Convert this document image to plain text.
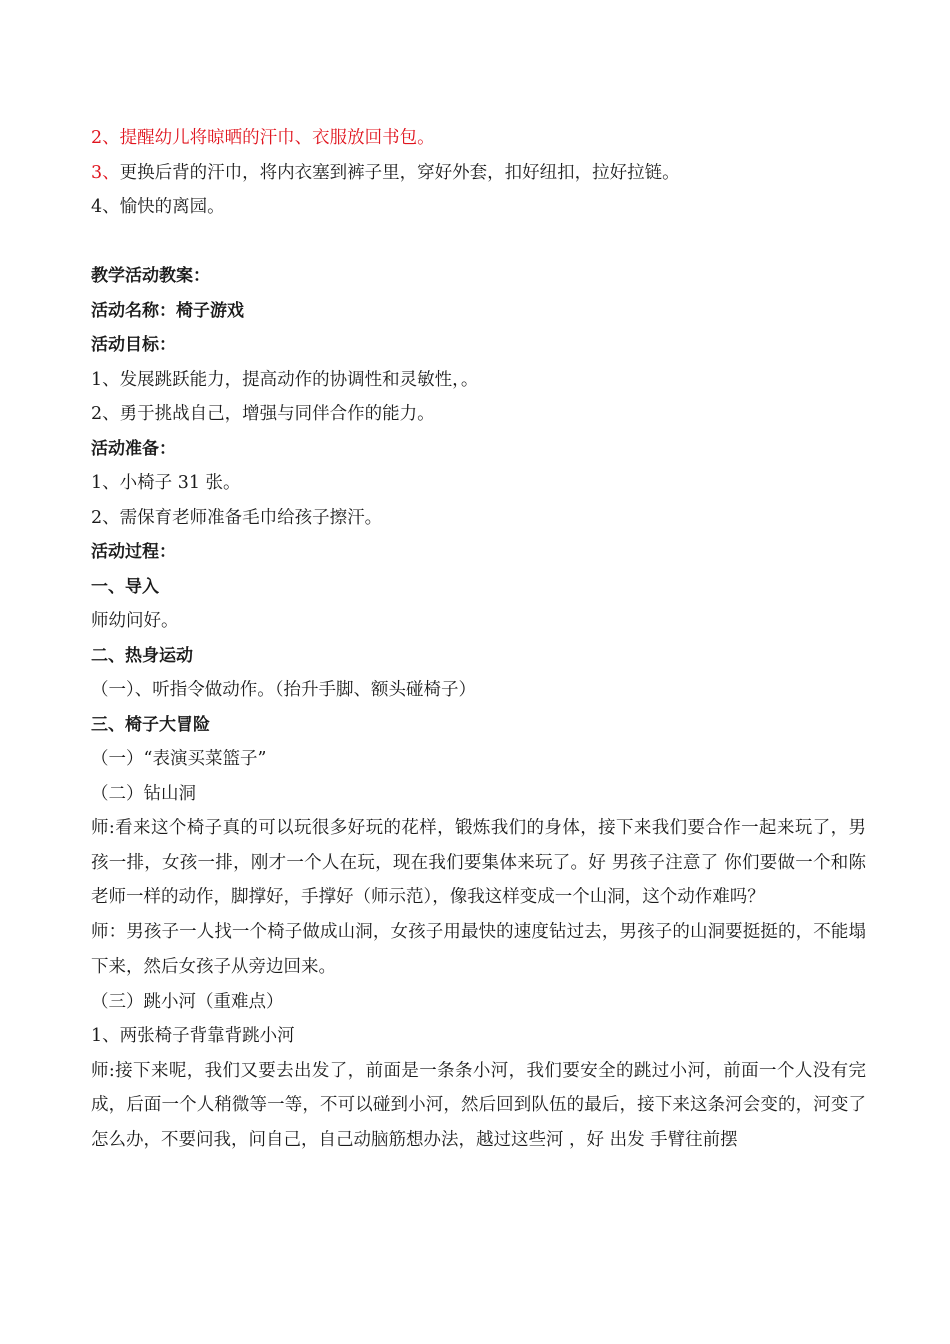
2、提醒幼儿将晾晒的汗巾、衣服放回书包。
3、更换后背的汗巾，将内衣塞到裤子里，穿好外套，扣好纽扣，拉好拉链。
4、愉快的离园。
教学活动教案：
活动名称：椅子游戏
活动目标：
1、发展跳跃能力，提高动作的协调性和灵敏性，。
2、勇于挑战自己，增强与同伴合作的能力。
活动准备：
1、小椅子 31 张。
2、需保育老师准备毛巾给孩子擦汗。
活动过程：
一、导入
师幼问好。
二、热身运动
（一）、听指令做动作。（抬升手脚、额头碰椅子）
三、椅子大冒险
（一）“表演买菜篮子”
（二）钻山洞
师:看来这个椅子真的可以玩很多好玩的花样，锻炼我们的身体，接下来我们要合作一起来玩了，男孩一排，女孩一排，刚才一个人在玩，现在我们要集体来玩了。好 男孩子注意了 你们要做一个和陈老师一样的动作，脚撑好，手撑好（师示范），像我这样变成一个山洞，这个动作难吗？
师：男孩子一人找一个椅子做成山洞，女孩子用最快的速度钻过去，男孩子的山洞要挺挺的，不能塌下来，然后女孩子从旁边回来。
（三）跳小河（重难点）
1、两张椅子背靠背跳小河
师:接下来呢，我们又要去出发了，前面是一条条小河，我们要安全的跳过小河，前面一个人没有完成，后面一个人稍微等一等，不可以碰到小河，然后回到队伍的最后，接下来这条河会变的，河变了怎么办，不要问我，问自己，自己动脑筋想办法，越过这些河 ，好 出发 手臂往前摆
